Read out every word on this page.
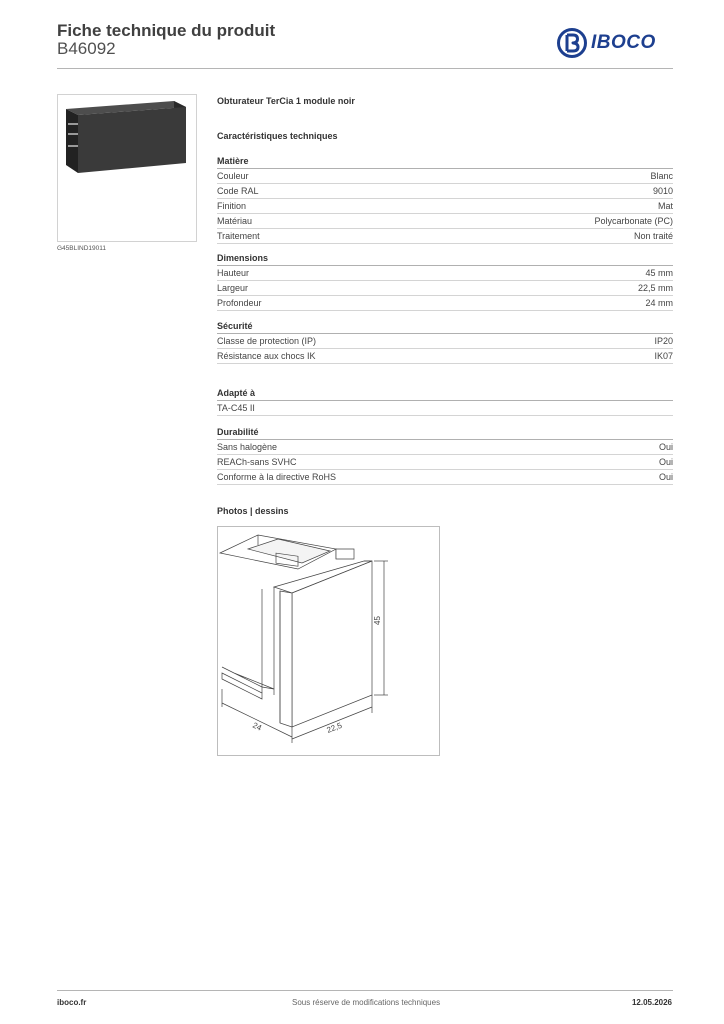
Fiche technique du produit
B46092	IBOCO
G45BLIND19011
Obturateur TerCia 1 module noir
Caractéristiques techniques
Matière
Couleur	Blanc
Code RAL	9010
Finition	Mat
Matériau	Polycarbonate (PC)
Traitement	Non traité
Dimensions
Hauteur	45 mm
Largeur	22,5 mm
Profondeur	24 mm
Sécurité
Classe de protection (IP)	IP20
Résistance aux chocs IK	IK07
Adapté à
TA-C45 II
Durabilité
Sans halogène	Oui
REACh-sans SVHC	Oui
Conforme à la directive RoHS	Oui
Photos | dessins
45
22,5
24
iboco.fr	Sous réserve de modifications techniques	12.05.2026
